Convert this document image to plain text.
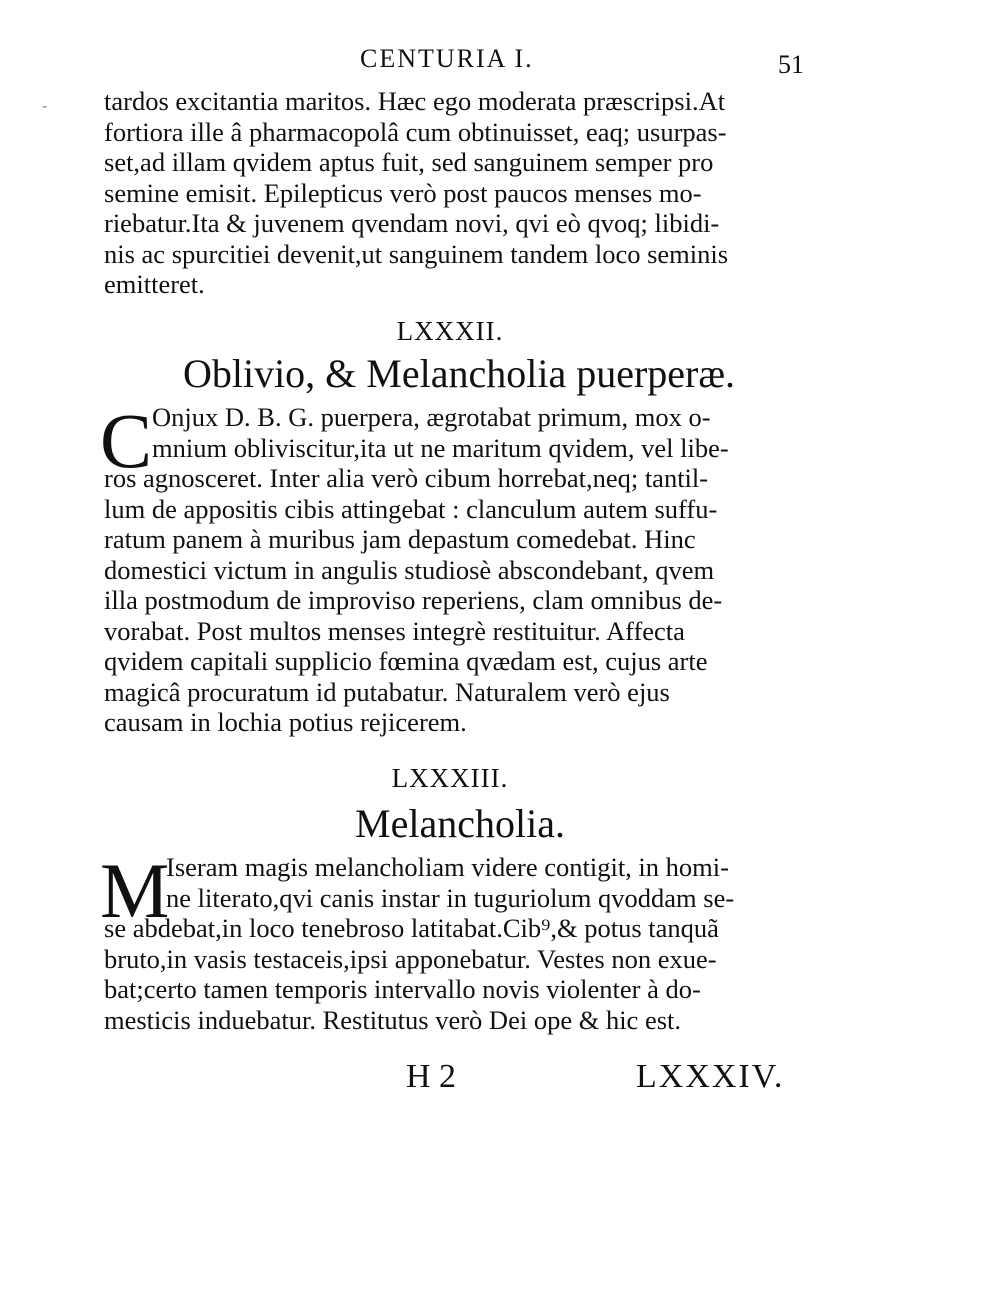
CENTURIA I.	51
- tardos excitantia maritos. Hæc ego moderata præscripsi.At
fortiora ille â pharmacopolâ cum obtinuisset, eaq; usurpas-
set,ad illam qvidem aptus fuit, sed sanguinem semper pro
semine emisit. Epilepticus verò post paucos menses mo-
riebatur.Ita & juvenem qvendam novi, qvi eò qvoq; libidi-
nis ac spurcitiei devenit,ut sanguinem tandem loco seminis
emitteret.
LXXXII.
Oblivio, & Melancholia puerperæ.
C Onjux D. B. G. puerpera, ægrotabat primum, mox o-
mnium obliviscitur,ita ut ne maritum qvidem, vel libe-
ros agnosceret. Inter alia verò cibum horrebat,neq; tantil-
lum de appositis cibis attingebat : clanculum autem suffu-
ratum panem à muribus jam depastum comedebat. Hinc
domestici victum in angulis studiosè abscondebant, qvem
illa postmodum de improviso reperiens, clam omnibus de-
vorabat. Post multos menses integrè restituitur. Affecta
qvidem capitali supplicio fœmina qvædam est, cujus arte
magicâ procuratum id putabatur. Naturalem verò ejus
causam in lochia potius rejicerem.
LXXXIII.
Melancholia.
M
Iseram magis melancholiam videre contigit, in homi-
ne literato,qvi canis instar in tuguriolum qvoddam se-
se abdebat,in loco tenebroso latitabat.Cib⁹,& potus tanquã
bruto,in vasis testaceis,ipsi apponebatur. Vestes non exue-
bat;certo tamen temporis intervallo novis violenter à do-
mesticis induebatur. Restitutus verò Dei ope & hic est.
H 2	LXXXIV.
